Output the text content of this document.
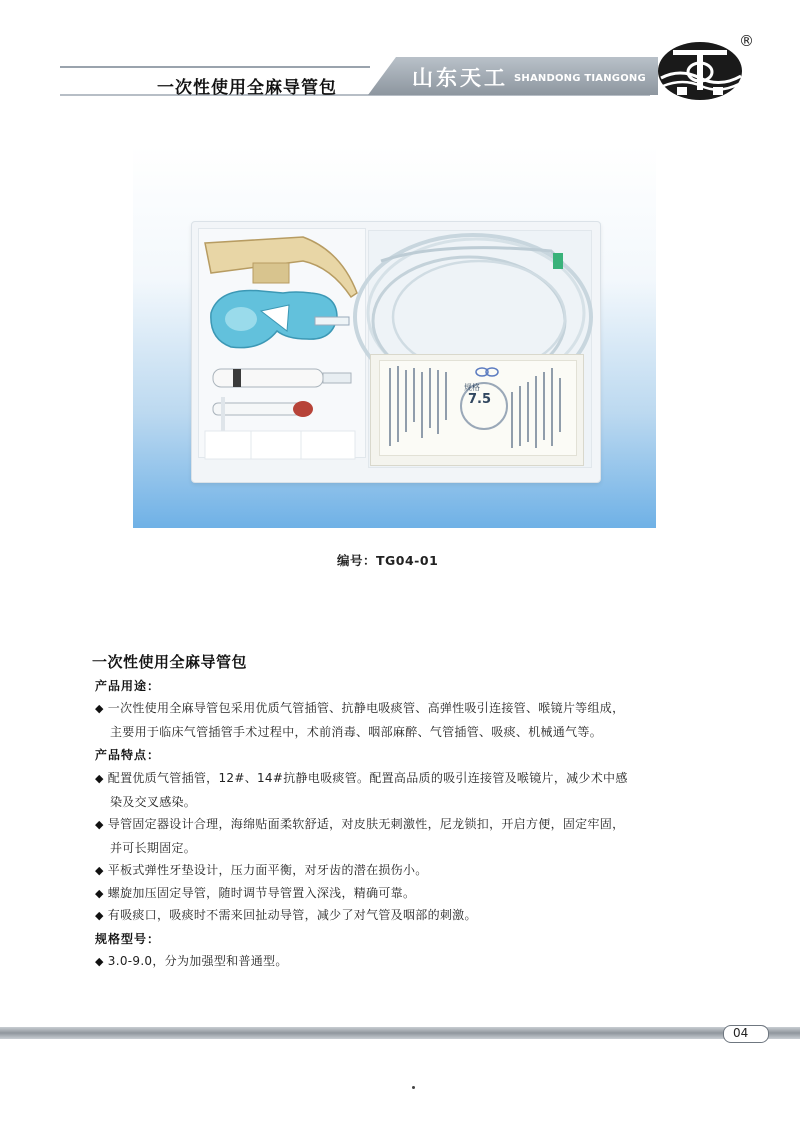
一次性使用全麻导管包	山东天工 SHANDONG TIANGONG
®
规格
7.5
编号：TG04-01
一次性使用全麻导管包
产品用途：
◆ 一次性使用全麻导管包采用优质气管插管、抗静电吸痰管、高弹性吸引连接管、喉镜片等组成，
主要用于临床气管插管手术过程中，术前消毒、咽部麻醉、气管插管、吸痰、机械通气等。
产品特点：
◆ 配置优质气管插管，12#、14#抗静电吸痰管。配置高品质的吸引连接管及喉镜片，减少术中感
染及交叉感染。
◆ 导管固定器设计合理，海绵贴面柔软舒适，对皮肤无刺激性，尼龙锁扣，开启方便，固定牢固，
并可长期固定。
◆ 平板式弹性牙垫设计，压力面平衡，对牙齿的潜在损伤小。
◆ 螺旋加压固定导管，随时调节导管置入深浅，精确可靠。
◆ 有吸痰口，吸痰时不需来回扯动导管，减少了对气管及咽部的刺激。
规格型号：
◆ 3.0-9.0，分为加强型和普通型。
04
